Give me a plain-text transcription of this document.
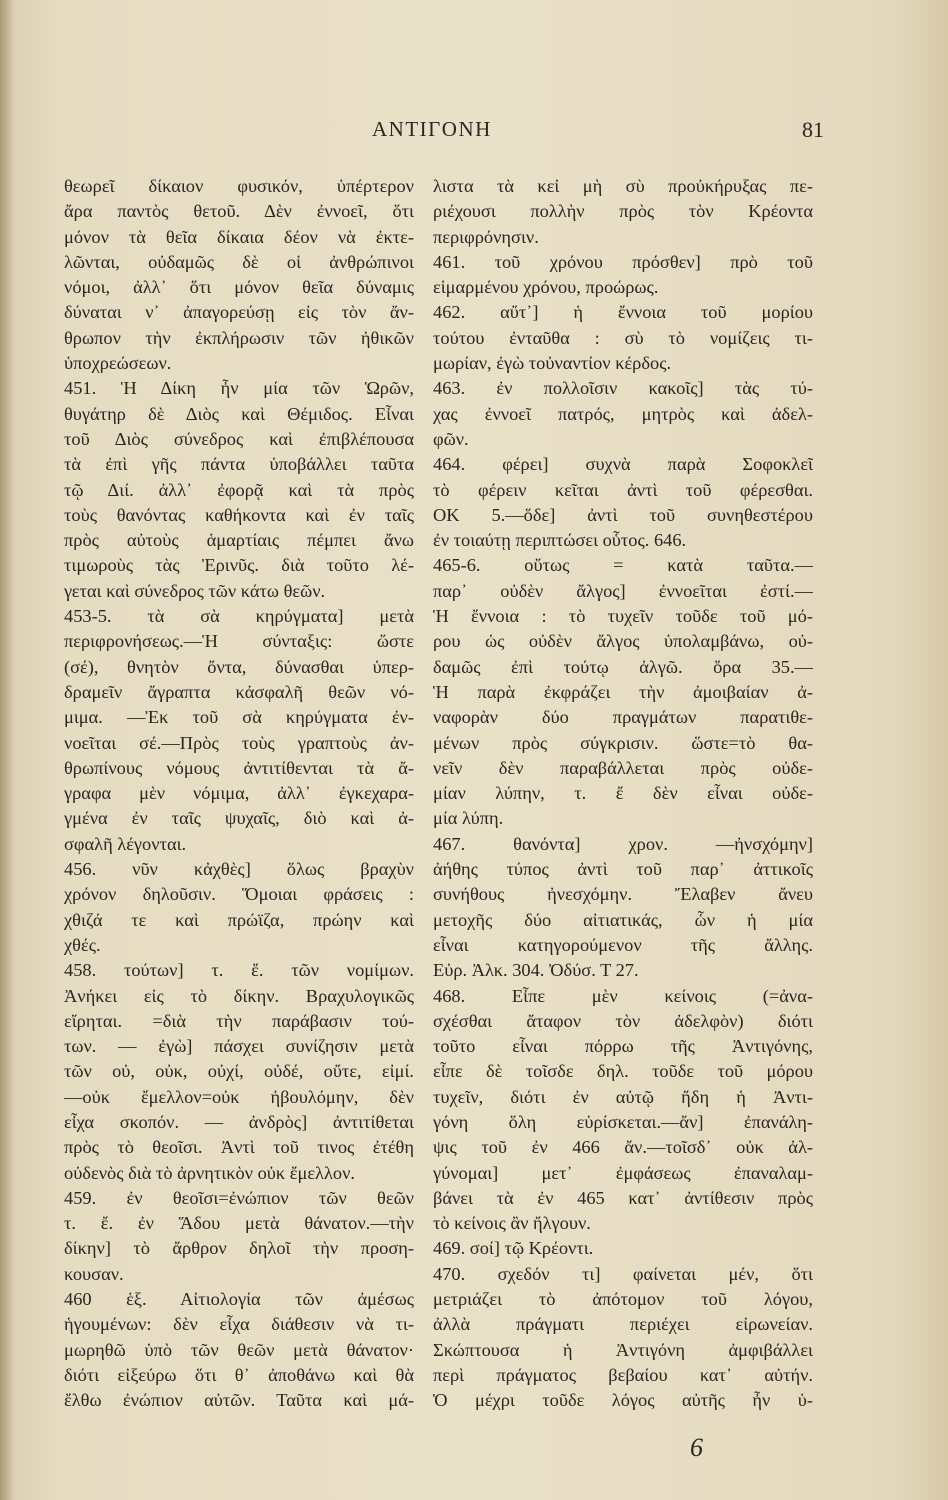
ΑΝΤΙΓΟΝΗ	81
θεωρεῖ δίκαιον φυσικόν, ὑπέρτερον
ἄρα παντὸς θετοῦ. Δὲν ἐννοεῖ, ὅτι
μόνον τὰ θεῖα δίκαια δέον νὰ ἐκτε-
λῶνται, οὐδαμῶς δὲ οἱ ἀνθρώπινοι
νόμοι, ἀλλ᾽ ὅτι μόνον θεῖα δύναμις
δύναται ν᾽ ἀπαγορεύσῃ εἰς τὸν ἄν-
θρωπον τὴν ἐκπλήρωσιν τῶν ἠθικῶν
ὑποχρεώσεων.
451. Ἡ Δίκη ἦν μία τῶν Ὡρῶν,
θυγάτηρ δὲ Διὸς καὶ Θέμιδος. Εἶναι
τοῦ Διὸς σύνεδρος καὶ ἐπιβλέπουσα
τὰ ἐπὶ γῆς πάντα ὑποβάλλει ταῦτα
τῷ Διί. ἀλλ᾽ ἐφορᾷ καὶ τὰ πρὸς
τοὺς θανόντας καθήκοντα καὶ ἐν ταῖς
πρὸς αὐτοὺς ἁμαρτίαις πέμπει ἄνω
τιμωροὺς τὰς Ἐρινῦς. διὰ τοῦτο λέ-
γεται καὶ σύνεδρος τῶν κάτω θεῶν.
453-5. τὰ σὰ κηρύγματα] μετὰ
περιφρονήσεως.—Ἡ σύνταξις: ὥστε
(σέ), θνητὸν ὄντα, δύνασθαι ὑπερ-
δραμεῖν ἄγραπτα κἀσφαλῆ θεῶν νό-
μιμα. —Ἐκ τοῦ σὰ κηρύγματα ἐν-
νοεῖται σέ.—Πρὸς τοὺς γραπτοὺς ἀν-
θρωπίνους νόμους ἀντιτίθενται τὰ ἄ-
γραφα μὲν νόμιμα, ἀλλ᾽ ἐγκεχαρα-
γμένα ἐν ταῖς ψυχαῖς, διὸ καὶ ἀ-
σφαλῆ λέγονται.
456. νῦν κἀχθὲς] ὅλως βραχὺν
χρόνον δηλοῦσιν. Ὅμοιαι φράσεις :
χθιζά τε καὶ πρώϊζα, πρώην καὶ
χθές.
458. τούτων] τ. ἔ. τῶν νομίμων.
Ἀνήκει εἰς τὸ δίκην. Βραχυλογικῶς
εἴρηται. =διὰ τὴν παράβασιν τού-
των. — ἐγὼ] πάσχει συνίζησιν μετὰ
τῶν οὐ, οὐκ, οὐχί, οὐδέ, οὔτε, εἰμί.
—οὐκ ἔμελλον=οὐκ ἠβουλόμην, δὲν
εἶχα σκοπόν. — ἀνδρὸς] ἀντιτίθεται
πρὸς τὸ θεοῖσι. Ἀντὶ τοῦ τινος ἐτέθη
οὐδενὸς διὰ τὸ ἀρνητικὸν οὐκ ἔμελλον.
459. ἐν θεοῖσι=ἐνώπιον τῶν θεῶν
τ. ἔ. ἐν Ἅδου μετὰ θάνατον.—τὴν
δίκην] τὸ ἄρθρον δηλοῖ τὴν προση-
κουσαν.
460 ἑξ. Αἰτιολογία τῶν ἀμέσως
ἡγουμένων: δὲν εἶχα διάθεσιν νὰ τι-
μωρηθῶ ὑπὸ τῶν θεῶν μετὰ θάνατον·
διότι εἰξεύρω ὅτι θ᾽ ἀποθάνω καὶ θὰ
ἔλθω ἐνώπιον αὐτῶν. Ταῦτα καὶ μά-
λιστα τὰ κεἰ μὴ σὺ προὐκήρυξας πε-
ριέχουσι πολλὴν πρὸς τὸν Κρέοντα
περιφρόνησιν.
461. τοῦ χρόνου πρόσθεν] πρὸ τοῦ
εἱμαρμένου χρόνου, προώρως.
462. αὔτ᾽] ἡ ἔννοια τοῦ μορίου
τούτου ἐνταῦθα : σὺ τὸ νομίζεις τι-
μωρίαν, ἐγὼ τοὐναντίον κέρδος.
463. ἐν πολλοῖσιν κακοῖς] τὰς τύ-
χας ἐννοεῖ πατρός, μητρὸς καὶ ἀδελ-
φῶν.
464. φέρει] συχνὰ παρὰ Σοφοκλεῖ
τὸ φέρειν κεῖται ἀντὶ τοῦ φέρεσθαι.
ΟΚ 5.—ὅδε] ἀντὶ τοῦ συνηθεστέρου
ἐν τοιαύτῃ περιπτώσει οὗτος. 646.
465-6. οὕτως = κατὰ ταῦτα.—
παρ᾽ οὐδὲν ἄλγος] ἐννοεῖται ἐστί.—
Ἡ ἔννοια : τὸ τυχεῖν τοῦδε τοῦ μό-
ρου ὡς οὐδὲν ἄλγος ὑπολαμβάνω, οὐ-
δαμῶς ἐπὶ τούτῳ ἀλγῶ. ὅρα 35.—
Ἡ παρὰ ἐκφράζει τὴν ἀμοιβαίαν ἀ-
ναφορὰν δύο πραγμάτων παρατιθε-
μένων πρὸς σύγκρισιν. ὥστε=τὸ θα-
νεῖν δὲν παραβάλλεται πρὸς οὐδε-
μίαν λύπην, τ. ἔ δὲν εἶναι οὐδε-
μία λύπη.
467. θανόντα] χρον. —ἠνσχόμην]
ἀήθης τύπος ἀντὶ τοῦ παρ᾽ ἀττικοῖς
συνήθους ἠνεσχόμην. Ἔλαβεν ἄνευ
μετοχῆς δύο αἰτιατικάς, ὧν ἡ μία
εἶναι κατηγορούμενον τῆς ἄλλης.
Εὐρ. Ἀλκ. 304. Ὀδύσ. Τ 27.
468. Εἶπε μὲν κείνοις (=ἀνα-
σχέσθαι ἄταφον τὸν ἀδελφὸν) διότι
τοῦτο εἶναι πόρρω τῆς Ἀντιγόνης,
εἶπε δὲ τοῖσδε δηλ. τοῦδε τοῦ μόρου
τυχεῖν, διότι ἐν αὐτῷ ἤδη ἡ Ἀντι-
γόνη ὅλη εὑρίσκεται.—ἄν] ἐπανάλη-
ψις τοῦ ἐν 466 ἄν.—τοῖσδ᾽ οὐκ ἀλ-
γύνομαι] μετ᾽ ἐμφάσεως ἐπαναλαμ-
βάνει τὰ ἐν 465 κατ᾽ ἀντίθεσιν πρὸς
τὸ κείνοις ἂν ἤλγουν.
469. σοί] τῷ Κρέοντι.
470. σχεδόν τι] φαίνεται μέν, ὅτι
μετριάζει τὸ ἀπότομον τοῦ λόγου,
ἀλλὰ πράγματι περιέχει εἰρωνείαν.
Σκώπτουσα ἡ Ἀντιγόνη ἀμφιβάλλει
περὶ πράγματος βεβαίου κατ᾽ αὐτήν.
Ὁ μέχρι τοῦδε λόγος αὐτῆς ἦν ὑ-
6
